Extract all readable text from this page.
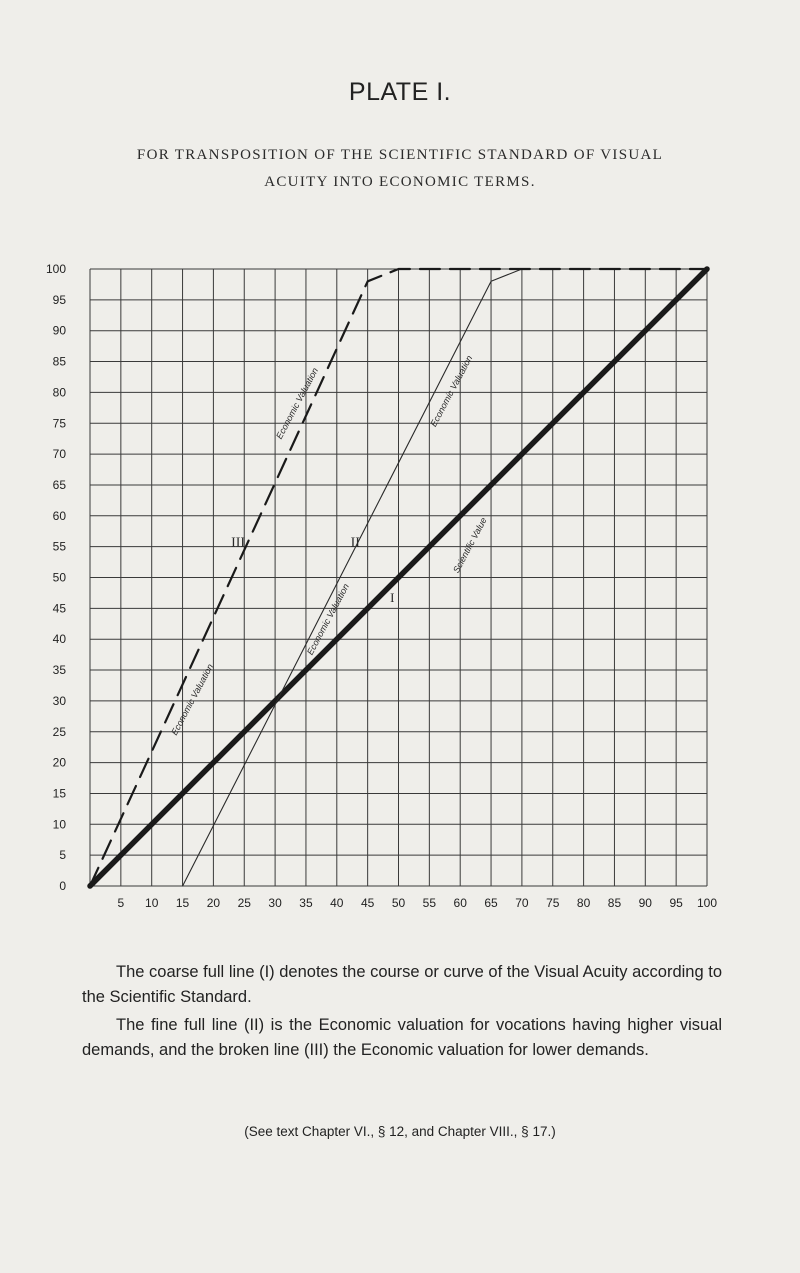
PLATE I.
FOR TRANSPOSITION OF THE SCIENTIFIC STANDARD OF VISUAL
ACUITY INTO ECONOMIC TERMS.
5 10 15 20 25 30 35 40 45 50 55 60 65 70 75 80 85 90 95 100
0
5
10
15
20
25
30
35
40
45
50
55
60
65
70
75
80
85
90
95
100
I
II
III	Scientific Value
Economic Valuation
Economic Valuation
Economic Valuation
Economic Valuation
The coarse full line (I) denotes the course or curve of the Visual Acuity according to the Scientific Standard.
The fine full line (II) is the Economic valuation for vocations having higher visual demands, and the broken line (III) the Economic valuation for lower demands.
(See text Chapter VI., § 12, and Chapter VIII., § 17.)
